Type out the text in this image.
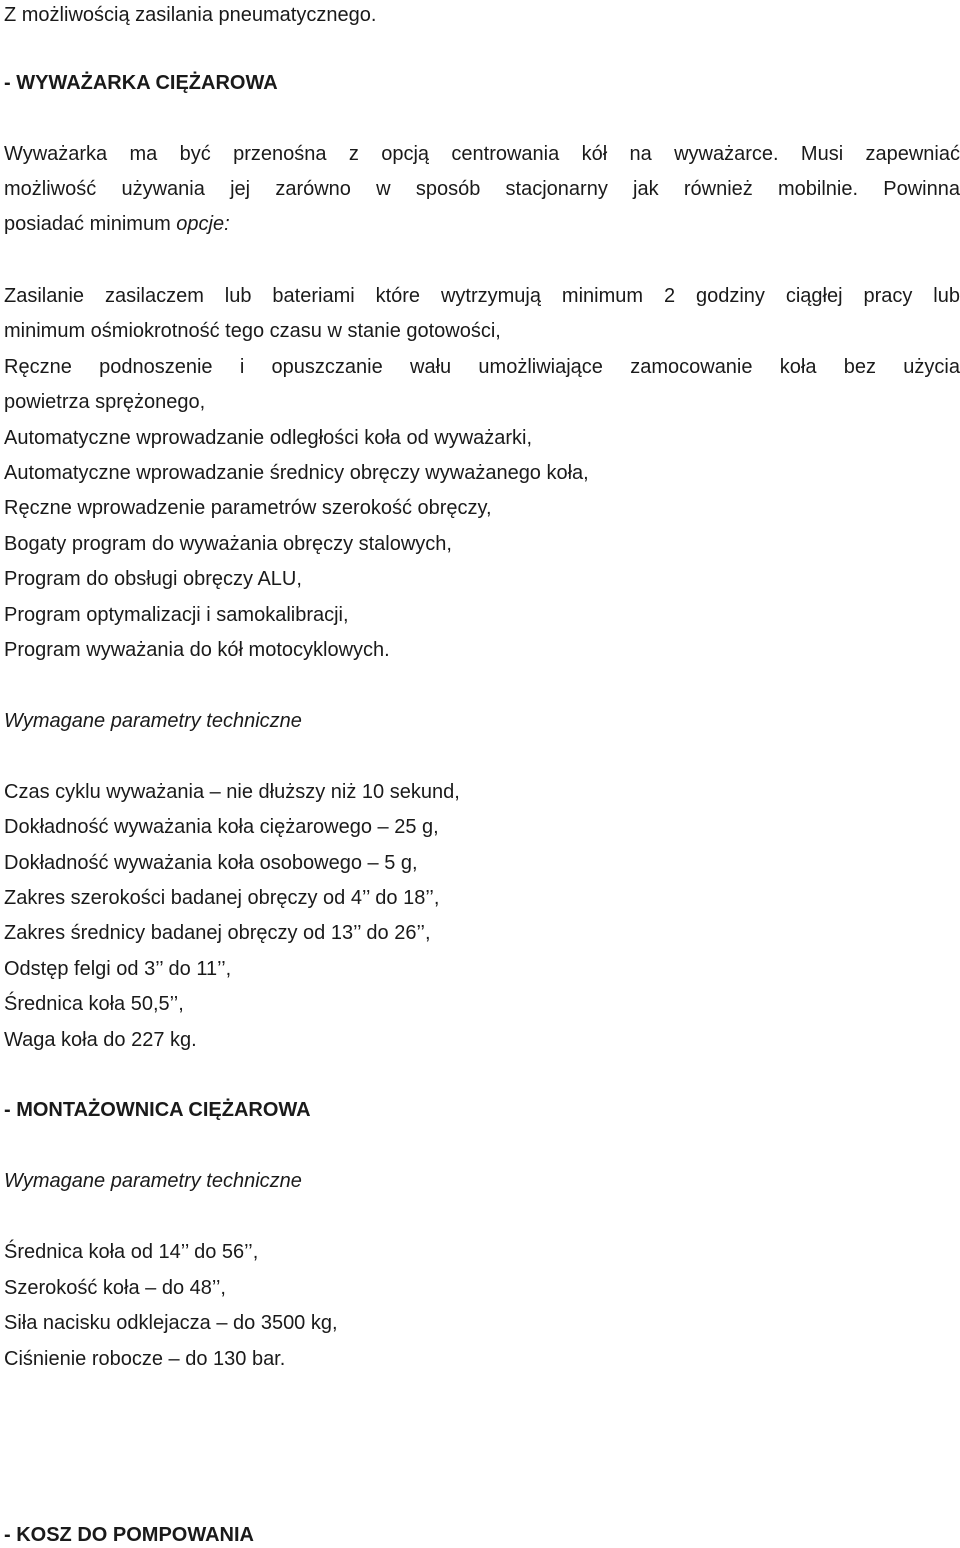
Z możliwością zasilania pneumatycznego.
- WYWAŻARKA CIĘŻAROWA
Wyważarka ma być przenośna z opcją centrowania kół na wyważarce. Musi zapewniać
możliwość używania jej zarówno w sposób stacjonarny jak również mobilnie. Powinna
posiadać minimum opcje:
Zasilanie zasilaczem lub bateriami które wytrzymują minimum 2 godziny ciągłej pracy lub
minimum ośmiokrotność tego czasu w stanie gotowości,
Ręczne podnoszenie i opuszczanie wału umożliwiające zamocowanie koła bez użycia
powietrza sprężonego,
Automatyczne wprowadzanie odległości koła od wyważarki,
Automatyczne wprowadzanie średnicy obręczy wyważanego koła,
Ręczne wprowadzenie parametrów szerokość obręczy,
Bogaty program do wyważania obręczy stalowych,
Program do obsługi obręczy ALU,
Program optymalizacji i samokalibracji,
Program wyważania do kół motocyklowych.
Wymagane parametry techniczne
Czas cyklu wyważania – nie dłuższy niż 10 sekund,
Dokładność wyważania koła ciężarowego – 25 g,
Dokładność wyważania koła osobowego – 5 g,
Zakres szerokości badanej obręczy od 4’’ do 18’’,
Zakres średnicy badanej obręczy od 13’’ do 26’’,
Odstęp felgi od 3’’ do 11’’,
Średnica koła 50,5’’,
Waga koła do 227 kg.
- MONTAŻOWNICA CIĘŻAROWA
Wymagane parametry techniczne
Średnica koła od 14’’ do 56’’,
Szerokość koła – do 48’’,
Siła nacisku odklejacza – do 3500 kg,
Ciśnienie robocze – do 130 bar.
- KOSZ DO POMPOWANIA
